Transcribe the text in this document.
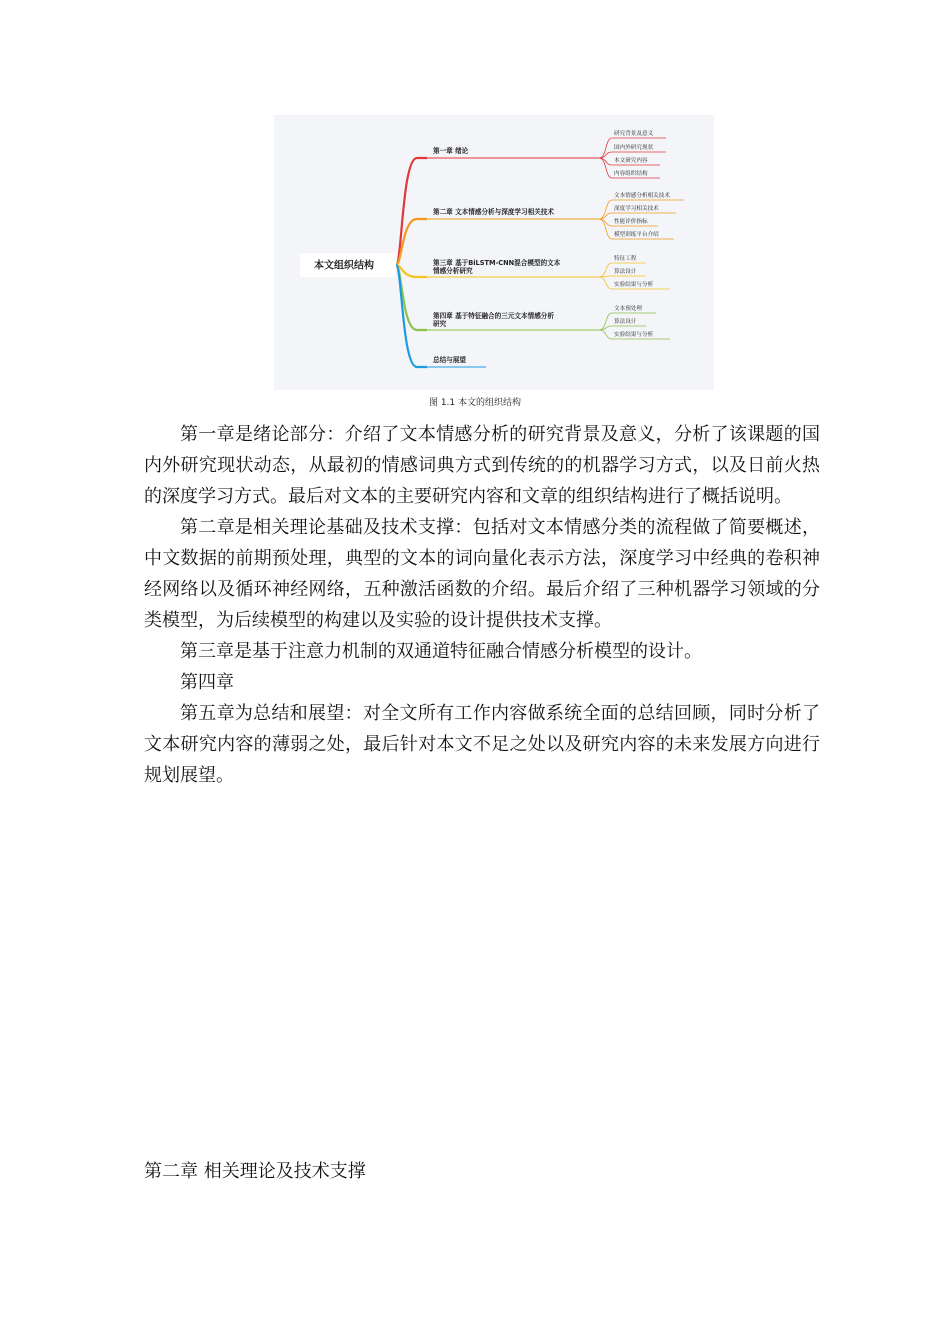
本文组织结构
第一章 绪论
研究背景及意义
国内外研究现状
本文研究内容
内容组织结构
第二章 文本情感分析与深度学习相关技术
文本情感分析相关技术
深度学习相关技术
性能评价指标
模型训练平台介绍
第三章 基于BiLSTM-CNN混合模型的文本
情感分析研究
特征工程
算法设计
实验结果与分析
第四章 基于特征融合的三元文本情感分析
研究
文本预处理
算法设计
实验结果与分析
总结与展望
图 1.1 本文的组织结构

第一章是绪论部分：介绍了文本情感分析的研究背景及意义，分析了该课题的国内外研究现状动态，从最初的情感词典方式到传统的的机器学习方式，以及日前火热的深度学习方式。最后对文本的主要研究内容和文章的组织结构进行了概括说明。

第二章是相关理论基础及技术支撑：包括对文本情感分类的流程做了简要概述，中文数据的前期预处理，典型的文本的词向量化表示方法，深度学习中经典的卷积神经网络以及循环神经网络，五种激活函数的介绍。最后介绍了三种机器学习领域的分类模型，为后续模型的构建以及实验的设计提供技术支撑。

第三章是基于注意力机制的双通道特征融合情感分析模型的设计。

第四章

第五章为总结和展望：对全文所有工作内容做系统全面的总结回顾，同时分析了文本研究内容的薄弱之处，最后针对本文不足之处以及研究内容的未来发展方向进行规划展望。

第二章 相关理论及技术支撑
